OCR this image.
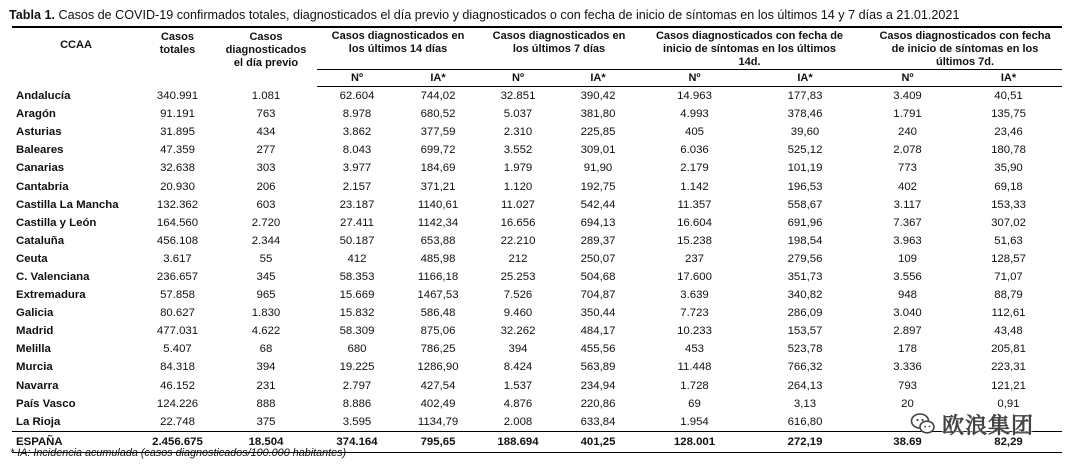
Tabla 1. Casos de COVID-19 confirmados totales, diagnosticados el día previo y diagnosticados o con fecha de inicio de síntomas en los últimos 14 y 7 días a 21.01.2021
CCAA	Casos totales	Casos diagnosticados el día previo	Casos diagnosticados en los últimos 14 días		Casos diagnosticados en los últimos 7 días		Casos diagnosticados con fecha de inicio de síntomas en los últimos 14d.		Casos diagnosticados con fecha de inicio de síntomas en los últimos 7d.	
			Nº	IA*	Nº	IA*	Nº	IA*	Nº	IA*
Andalucía	340.991	1.081	62.604	744,02	32.851	390,42	14.963	177,83	3.409	40,51
Aragón	91.191	763	8.978	680,52	5.037	381,80	4.993	378,46	1.791	135,75
Asturias	31.895	434	3.862	377,59	2.310	225,85	405	39,60	240	23,46
Baleares	47.359	277	8.043	699,72	3.552	309,01	6.036	525,12	2.078	180,78
Canarias	32.638	303	3.977	184,69	1.979	91,90	2.179	101,19	773	35,90
Cantabria	20.930	206	2.157	371,21	1.120	192,75	1.142	196,53	402	69,18
Castilla La Mancha	132.362	603	23.187	1140,61	11.027	542,44	11.357	558,67	3.117	153,33
Castilla y León	164.560	2.720	27.411	1142,34	16.656	694,13	16.604	691,96	7.367	307,02
Cataluña	456.108	2.344	50.187	653,88	22.210	289,37	15.238	198,54	3.963	51,63
Ceuta	3.617	55	412	485,98	212	250,07	237	279,56	109	128,57
C. Valenciana	236.657	345	58.353	1166,18	25.253	504,68	17.600	351,73	3.556	71,07
Extremadura	57.858	965	15.669	1467,53	7.526	704,87	3.639	340,82	948	88,79
Galicia	80.627	1.830	15.832	586,48	9.460	350,44	7.723	286,09	3.040	112,61
Madrid	477.031	4.622	58.309	875,06	32.262	484,17	10.233	153,57	2.897	43,48
Melilla	5.407	68	680	786,25	394	455,56	453	523,78	178	205,81
Murcia	84.318	394	19.225	1286,90	8.424	563,89	11.448	766,32	3.336	223,31
Navarra	46.152	231	2.797	427,54	1.537	234,94	1.728	264,13	793	121,21
País Vasco	124.226	888	8.886	402,49	4.876	220,86	69	3,13	20	0,91
La Rioja	22.748	375	3.595	1134,79	2.008	633,84	1.954	616,80		
ESPAÑA	2.456.675	18.504	374.164	795,65	188.694	401,25	128.001	272,19	38.69	82,29
* IA: Incidencia acumulada (casos diagnosticados/100.000 habitantes)
欧浪集团
